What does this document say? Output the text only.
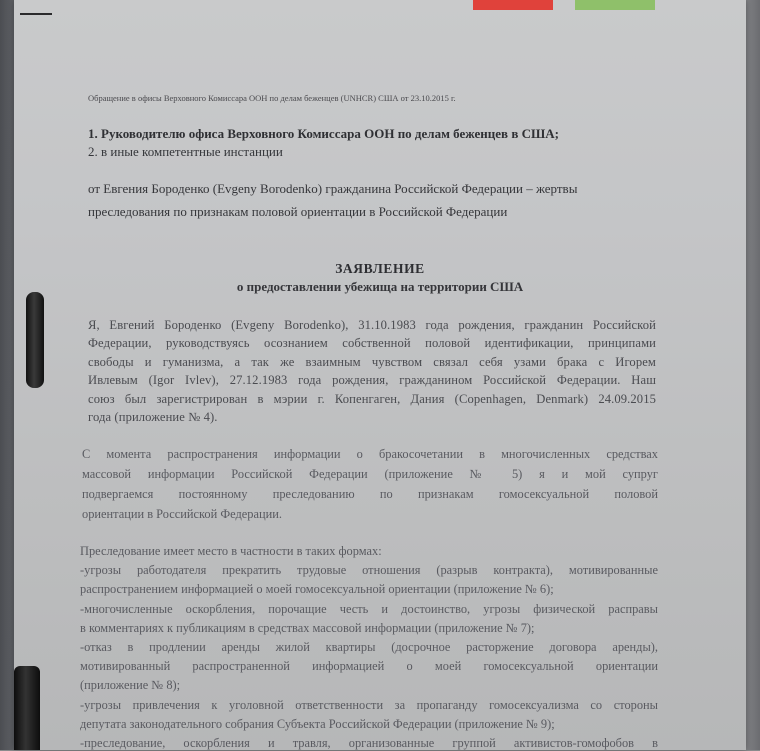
Обращение в офисы Верховного Комиссара ООН по делам беженцев (UNHCR) США от 23.10.2015 г.
1. Руководителю офиса Верховного Комиссара ООН по делам беженцев в США;
2. в иные компетентные инстанции
от Евгения Бороденко (Evgeny Borodenko) гражданина Российской Федерации – жертвы
преследования по признакам половой ориентации в Российской Федерации
ЗАЯВЛЕНИЕ
о предоставлении убежища на территории США
Я, Евгений Бороденко (Evgeny Borodenko), 31.10.1983 года рождения, гражданин Российской
Федерации, руководствуясь осознанием собственной половой идентификации, принципами
свободы и гуманизма, а так же взаимным чувством связал себя узами брака с Игорем
Ивлевым (Igor Ivlev), 27.12.1983 года рождения, гражданином Российской Федерации. Наш
союз был зарегистрирован в мэрии г. Копенгаген, Дания (Copenhagen, Denmark) 24.09.2015
года (приложение № 4).
С момента распространения информации о бракосочетании в многочисленных средствах
массовой информации Российской Федерации (приложение № 5) я и мой супруг
подвергаемся постоянному преследованию по признакам гомосексуальной половой
ориентации в Российской Федерации.
Преследование имеет место в частности в таких формах:
-угрозы работодателя прекратить трудовые отношения (разрыв контракта), мотивированные
распространением информацией о моей гомосексуальной ориентации (приложение № 6);
-многочисленные оскорбления, порочащие честь и достоинство, угрозы физической расправы
в комментариях к публикациям в средствах массовой информации (приложение № 7);
-отказ в продлении аренды жилой квартиры (досрочное расторжение договора аренды),
мотивированный распространенной информацией о моей гомосексуальной ориентации
(приложение № 8);
-угрозы привлечения к уголовной ответственности за пропаганду гомосексуализма со стороны
депутата законодательного собрания Субъекта Российской Федерации (приложение № 9);
-преследование, оскорбления и травля, организованные группой активистов-гомофобов в
